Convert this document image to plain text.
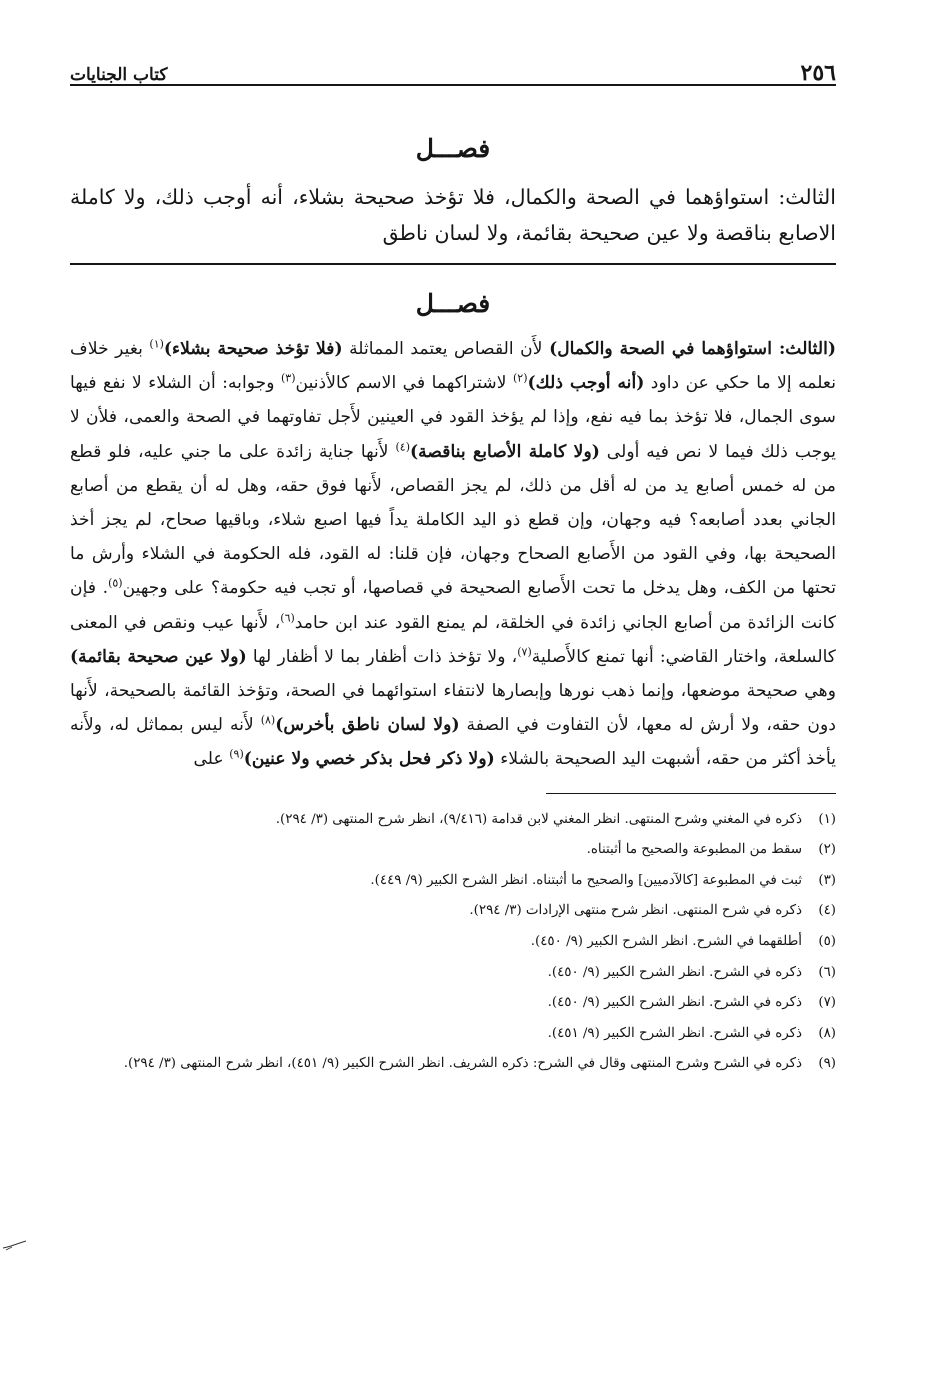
٢٥٦
كتاب الجنايات
فصـــل
الثالث: استواؤهما في الصحة والكمال، فلا تؤخذ صحيحة بشلاء، أنه أوجب ذلك، ولا كاملة الاصابع بناقصة ولا عين صحيحة بقائمة، ولا لسان ناطق
فصـــل
(الثالث: استواؤهما في الصحة والكمال) لأَن القصاص يعتمد المماثلة (فلا تؤخذ صحيحة بشلاء)$^{(١)}$ بغير خلاف نعلمه إلا ما حكي عن داود (أنه أوجب ذلك)$^{(٢)}$ لاشتراكهما في الاسم كالأذنين$^{(٣)}$ وجوابه: أن الشلاء لا نفع فيها سوى الجمال، فلا تؤخذ بما فيه نفع، وإذا لم يؤخذ القود في العينين لأَجل تفاوتهما في الصحة والعمى، فلأن لا يوجب ذلك فيما لا نص فيه أولى (ولا كاملة الأصابع بناقصة)$^{(٤)}$ لأَنها جناية زائدة على ما جني عليه، فلو قطع من له خمس أصابع يد من له أقل من ذلك، لم يجز القصاص، لأَنها فوق حقه، وهل له أن يقطع من أصابع الجاني بعدد أصابعه؟ فيه وجهان، وإن قطع ذو اليد الكاملة يداً فيها اصبع شلاء، وباقيها صحاح، لم يجز أخذ الصحيحة بها، وفي القود من الأَصابع الصحاح وجهان، فإن قلنا: له القود، فله الحكومة في الشلاء وأرش ما تحتها من الكف، وهل يدخل ما تحت الأَصابع الصحيحة في قصاصها، أو تجب فيه حكومة؟ على وجهين$^{(٥)}$. فإن كانت الزائدة من أصابع الجاني زائدة في الخلقة، لم يمنع القود عند ابن حامد$^{(٦)}$، لأَنها عيب ونقص في المعنى كالسلعة، واختار القاضي: أنها تمنع كالأَصلية$^{(٧)}$، ولا تؤخذ ذات أظفار بما لا أظفار لها (ولا عين صحيحة بقائمة) وهي صحيحة موضعها، وإنما ذهب نورها وإبصارها لانتفاء استوائهما في الصحة، وتؤخذ القائمة بالصحيحة، لأَنها دون حقه، ولا أرش له معها، لأن التفاوت في الصفة (ولا لسان ناطق بأخرس)$^{(٨)}$ لأَنه ليس بمماثل له، ولأَنه يأخذ أكثر من حقه، أشبهت اليد الصحيحة بالشلاء (ولا ذكر فحل بذكر خصي ولا عنين)$^{(٩)}$ على
(١)
ذكره في المغني وشرح المنتهى. انظر المغني لابن قدامة (٩/٤١٦)، انظر شرح المنتهى (٣/ ٢٩٤).
(٢)
سقط من المطبوعة والصحيح ما أثبتناه.
(٣)
ثبت في المطبوعة [كالآدميين] والصحيح ما أثبتناه. انظر الشرح الكبير (٩/ ٤٤٩).
(٤)
ذكره في شرح المنتهى. انظر شرح منتهى الإرادات (٣/ ٢٩٤).
(٥)
أطلقهما في الشرح. انظر الشرح الكبير (٩/ ٤٥٠).
(٦)
ذكره في الشرح. انظر الشرح الكبير (٩/ ٤٥٠).
(٧)
ذكره في الشرح. انظر الشرح الكبير (٩/ ٤٥٠).
(٨)
ذكره في الشرح. انظر الشرح الكبير (٩/ ٤٥١).
(٩)
ذكره في الشرح وشرح المنتهى وقال في الشرح: ذكره الشريف. انظر الشرح الكبير (٩/ ٤٥١)، انظر شرح المنتهى (٣/ ٢٩٤).
